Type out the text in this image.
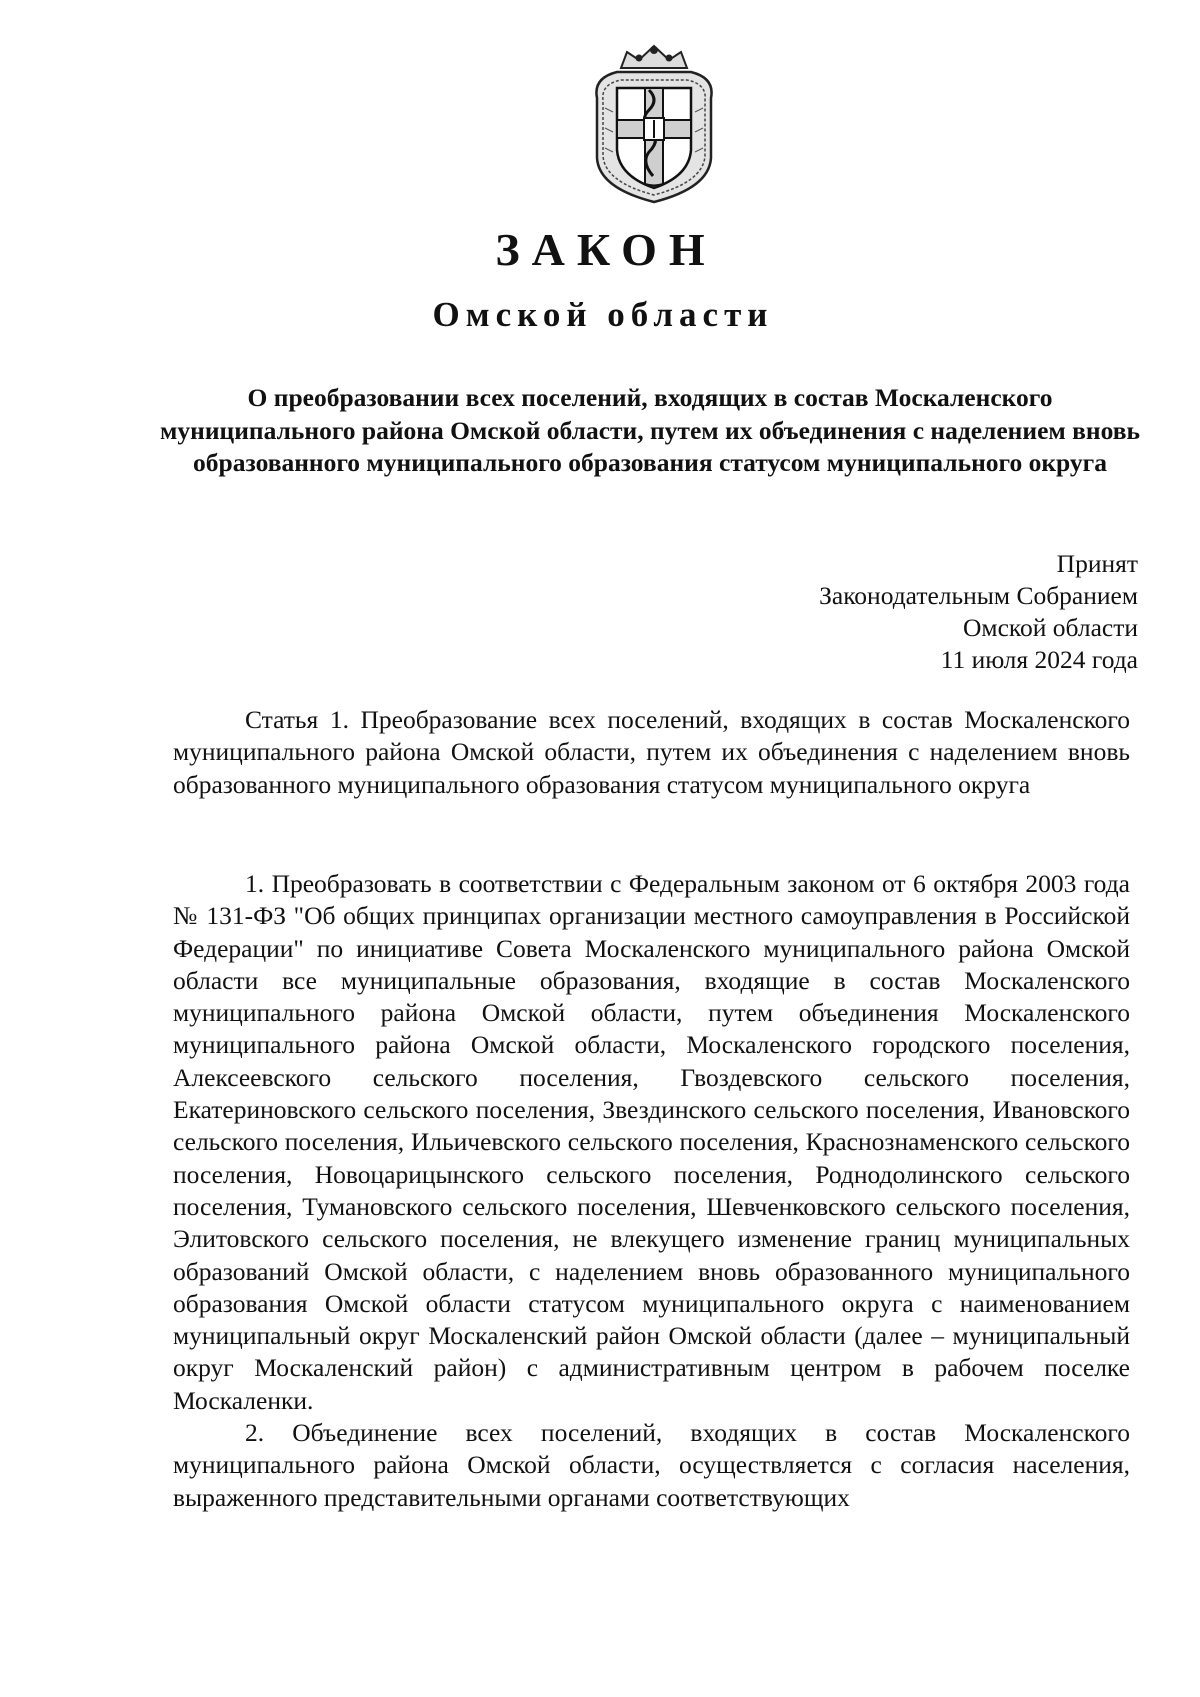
ЗАКОН
Омской области
О преобразовании всех поселений, входящих в состав Москаленского муниципального района Омской области, путем их объединения с наделением вновь образованного муниципального образования статусом муниципального округа
Принят
Законодательным Собранием
Омской области
11 июля 2024 года

Статья 1. Преобразование всех поселений, входящих в состав Москаленского муниципального района Омской области, путем их объединения с наделением вновь образованного муниципального образования статусом муниципального округа

1. Преобразовать в соответствии с Федеральным законом от 6 октября 2003 года № 131-ФЗ "Об общих принципах организации местного самоуправления в Российской Федерации" по инициативе Совета Москаленского муниципального района Омской области все муниципальные образования, входящие в состав Москаленского муниципального района Омской области, путем объединения Москаленского муниципального района Омской области, Москаленского городского поселения, Алексеевского сельского поселения, Гвоздевского сельского поселения, Екатериновского сельского поселения, Звездинского сельского поселения, Ивановского сельского поселения, Ильичевского сельского поселения, Краснознаменского сельского поселения, Новоцарицынского сельского поселения, Роднодолинского сельского поселения, Тумановского сельского поселения, Шевченковского сельского поселения, Элитовского сельского поселения, не влекущего изменение границ муниципальных образований Омской области, с наделением вновь образованного муниципального образования Омской области статусом муниципального округа с наименованием муниципальный округ Москаленский район Омской области (далее – муниципальный округ Москаленский район) с административным центром в рабочем поселке Москаленки.

2. Объединение всех поселений, входящих в состав Москаленского муниципального района Омской области, осуществляется с согласия населения, выраженного представительными органами соответствующих
